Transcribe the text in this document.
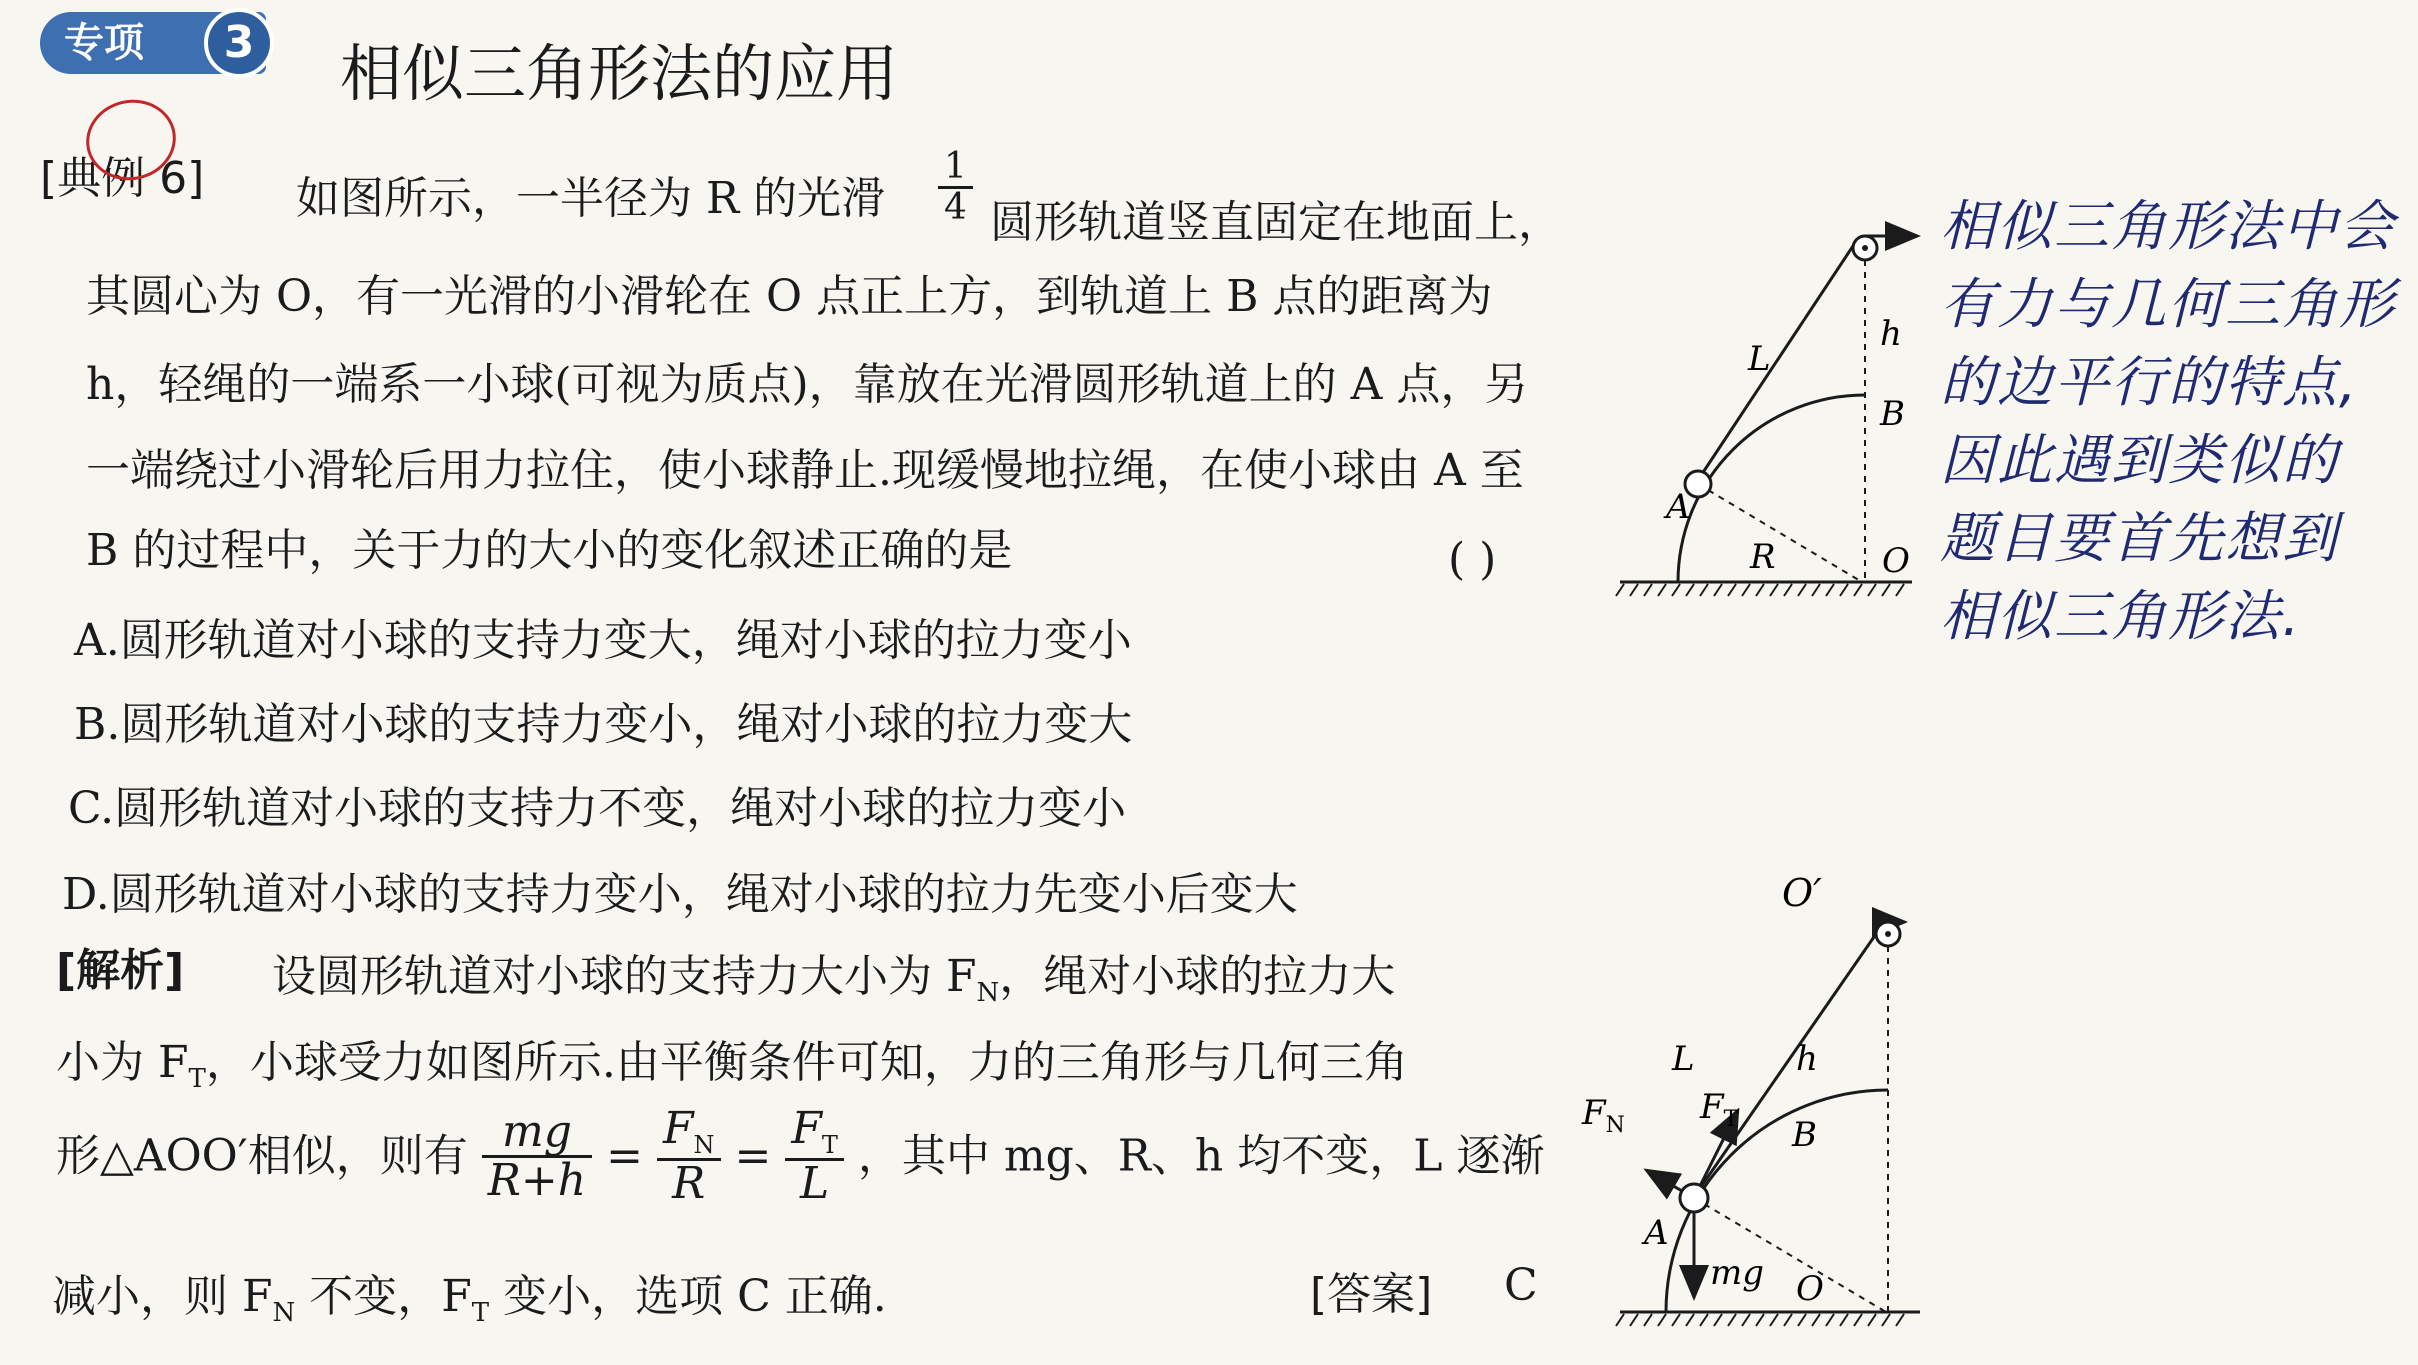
专项	3	相似三角形法的应用
[典例 6] 如图所示，一半径为 R 的光滑 $\frac{1}{4}$ 圆形轨道竖直固定在地面上，
其圆心为 O，有一光滑的小滑轮在 O 点正上方，到轨道上 B 点的距离为
h，轻绳的一端系一小球(可视为质点)，靠放在光滑圆形轨道上的 A 点，另
一端绕过小滑轮后用力拉住，使小球静止.现缓慢地拉绳，在使小球由 A 至
B 的过程中，关于力的大小的变化叙述正确的是	( )
A.圆形轨道对小球的支持力变大，绳对小球的拉力变小
B.圆形轨道对小球的支持力变小，绳对小球的拉力变大
C.圆形轨道对小球的支持力不变，绳对小球的拉力变小
D.圆形轨道对小球的支持力变小，绳对小球的拉力先变小后变大
[解析] 设圆形轨道对小球的支持力大小为 $F_N$，绳对小球的拉力大
小为 $F_T$，小球受力如图所示.由平衡条件可知，力的三角形与几何三角
形△AOO′相似，则有 $\frac{mg}{R+h} = \frac{F_N}{R} = \frac{F_T}{L}$ ，其中 mg、R、h 均不变，L 逐渐
减小，则 $F_N$ 不变，$F_T$ 变小，选项 C 正确.	[答案] C
相似三角形法中会
有力与几何三角形
的边平行的特点,
因此遇到类似的
题目要首先想到
相似三角形法.
L
h
B
A
R	O
O′
L	h
$F_T$ B
$F_N$
A
mg O
